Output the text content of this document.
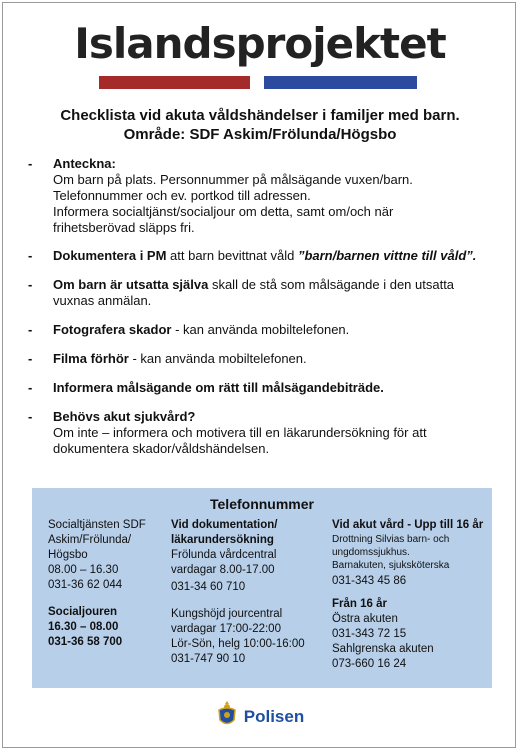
Islandsprojektet
Checklista vid akuta våldshändelser i familjer med barn.
Område: SDF Askim/Frölunda/Högsbo
- Anteckna:
Om barn på plats. Personnummer på målsägande vuxen/barn.
Telefonnummer och ev. portkod till adressen.
Informera socialtjänst/socialjour om detta, samt om/och när
frihetsberövad släpps fri.
- Dokumentera i PM att barn bevittnat våld ”barn/barnen vittne till våld”.
- Om barn är utsatta själva skall de stå som målsägande i den utsatta
vuxnas anmälan.
- Fotografera skador - kan använda mobiltelefonen.
- Filma förhör - kan använda mobiltelefonen.
- Informera målsägande om rätt till målsägandebiträde.
- Behövs akut sjukvård?
Om inte – informera och motivera till en läkarundersökning för att
dokumentera skador/våldshändelsen.
Telefonnummer
Socialtjänsten SDF
Askim/Frölunda/
Högsbo
08.00 – 16.30
031-36 62 044
Socialjouren
16.30 – 08.00
031-36 58 700
Vid dokumentation/
läkarundersökning
Frölunda vårdcentral
vardagar 8.00-17.00
031-34 60 710
Kungshöjd jourcentral
vardagar 17:00-22:00
Lör-Sön, helg 10:00-16:00
031-747 90 10
Vid akut vård - Upp till 16 år
Drottning Silvias barn- och
ungdomssjukhus.
Barnakuten, sjuksköterska
031-343 45 86
Från 16 år
Östra akuten
031-343 72 15
Sahlgrenska akuten
073-660 16 24
Polisen
